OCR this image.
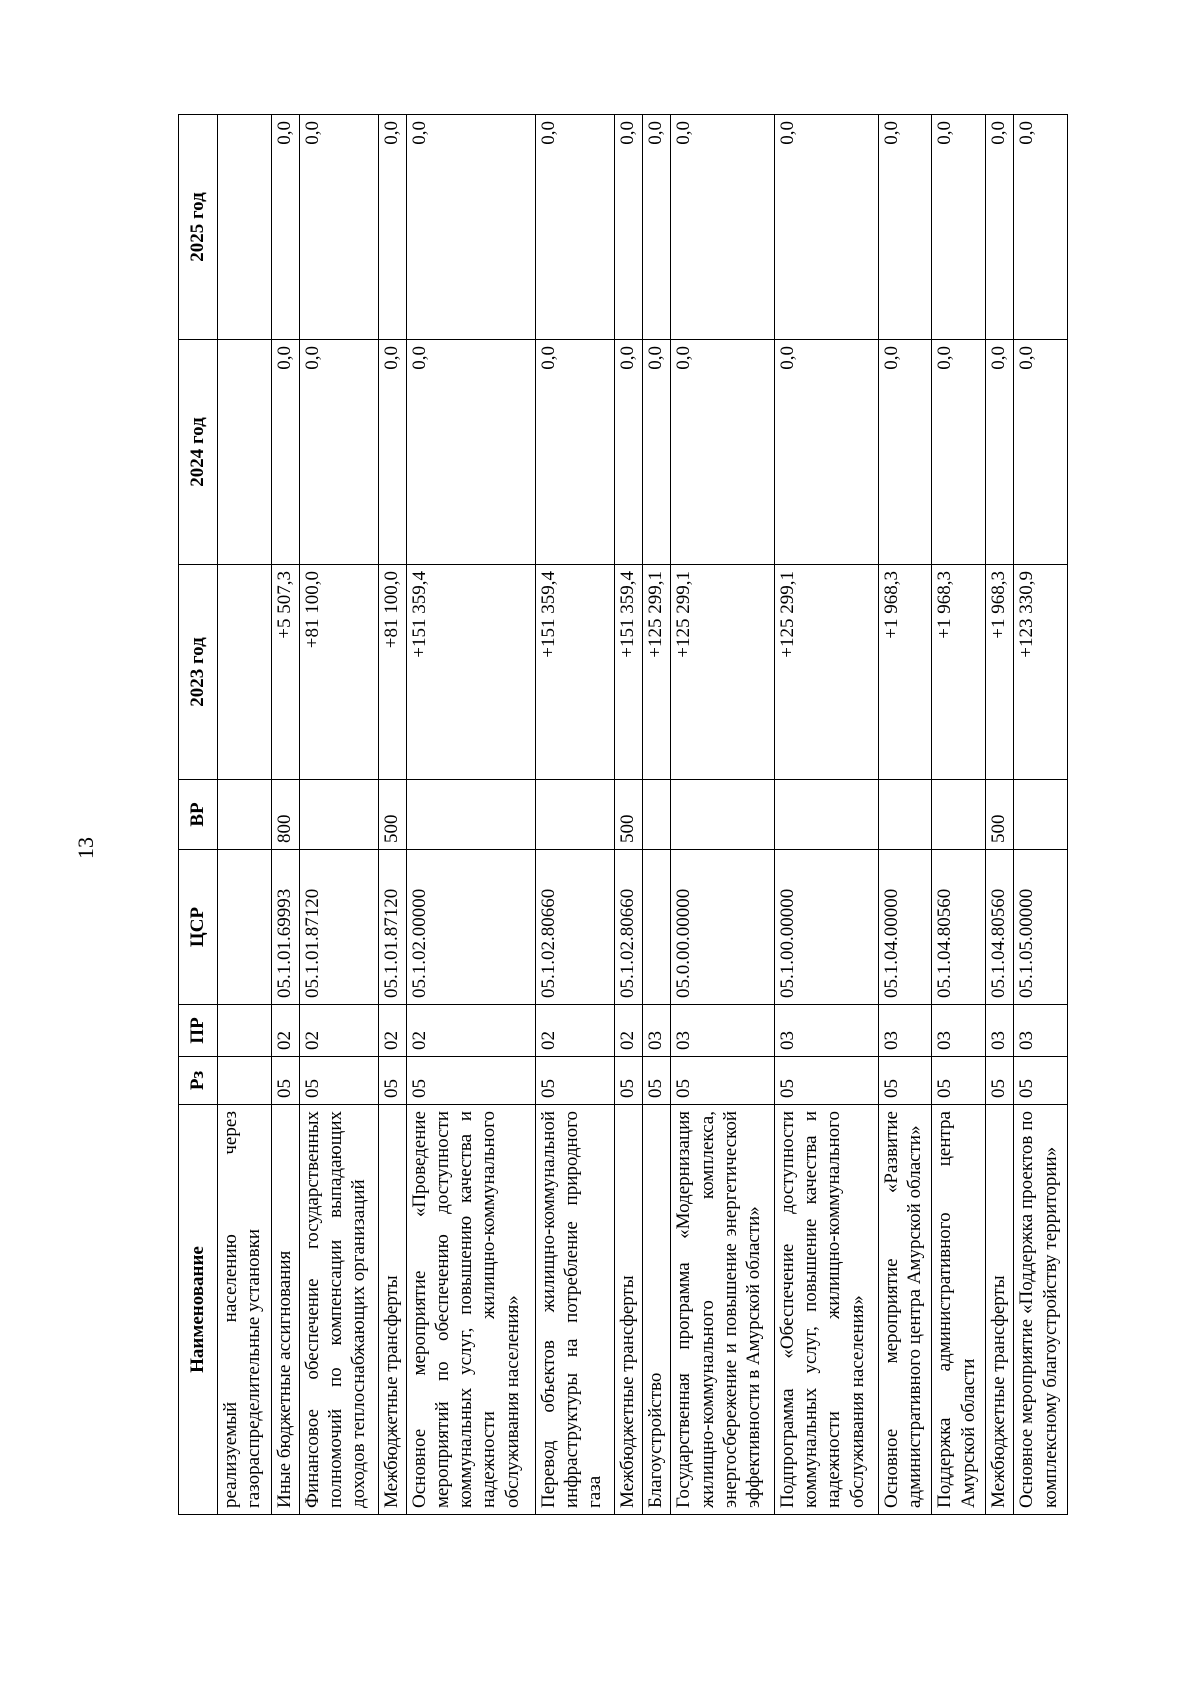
13
Наименование	Рз	ПР	ЦСР	ВР	2023 год	2024 год	2025 год
реализуемый населению через газораспределительные установки							
Иные бюджетные ассигнования	05	02	05.1.01.69993	800	+5 507,3	0,0	0,0
Финансовое обеспечение государственных полномочий по компенсации выпадающих доходов теплоснабжающих организаций	05	02	05.1.01.87120		+81 100,0	0,0	0,0
Межбюджетные трансферты	05	02	05.1.01.87120	500	+81 100,0	0,0	0,0
Основное мероприятие «Проведение мероприятий по обеспечению доступности коммунальных услуг, повышению качества и надежности жилищно-коммунального обслуживания населения»	05	02	05.1.02.00000		+151 359,4	0,0	0,0
Перевод объектов жилищно-коммунальной инфраструктуры на потребление природного газа	05	02	05.1.02.80660		+151 359,4	0,0	0,0
Межбюджетные трансферты	05	02	05.1.02.80660	500	+151 359,4	0,0	0,0
Благоустройство	05	03			+125 299,1	0,0	0,0
Государственная программа «Модернизация жилищно-коммунального комплекса, энергосбережение и повышение энергетической эффективности в Амурской области»	05	03	05.0.00.00000		+125 299,1	0,0	0,0
Подпрограмма «Обеспечение доступности коммунальных услуг, повышение качества и надежности жилищно-коммунального обслуживания населения»	05	03	05.1.00.00000		+125 299,1	0,0	0,0
Основное мероприятие «Развитие административного центра Амурской области»	05	03	05.1.04.00000		+1 968,3	0,0	0,0
Поддержка административного центра Амурской области	05	03	05.1.04.80560		+1 968,3	0,0	0,0
Межбюджетные трансферты	05	03	05.1.04.80560	500	+1 968,3	0,0	0,0
Основное мероприятие «Поддержка проектов по комплексному благоустройству территории»	05	03	05.1.05.00000		+123 330,9	0,0	0,0
